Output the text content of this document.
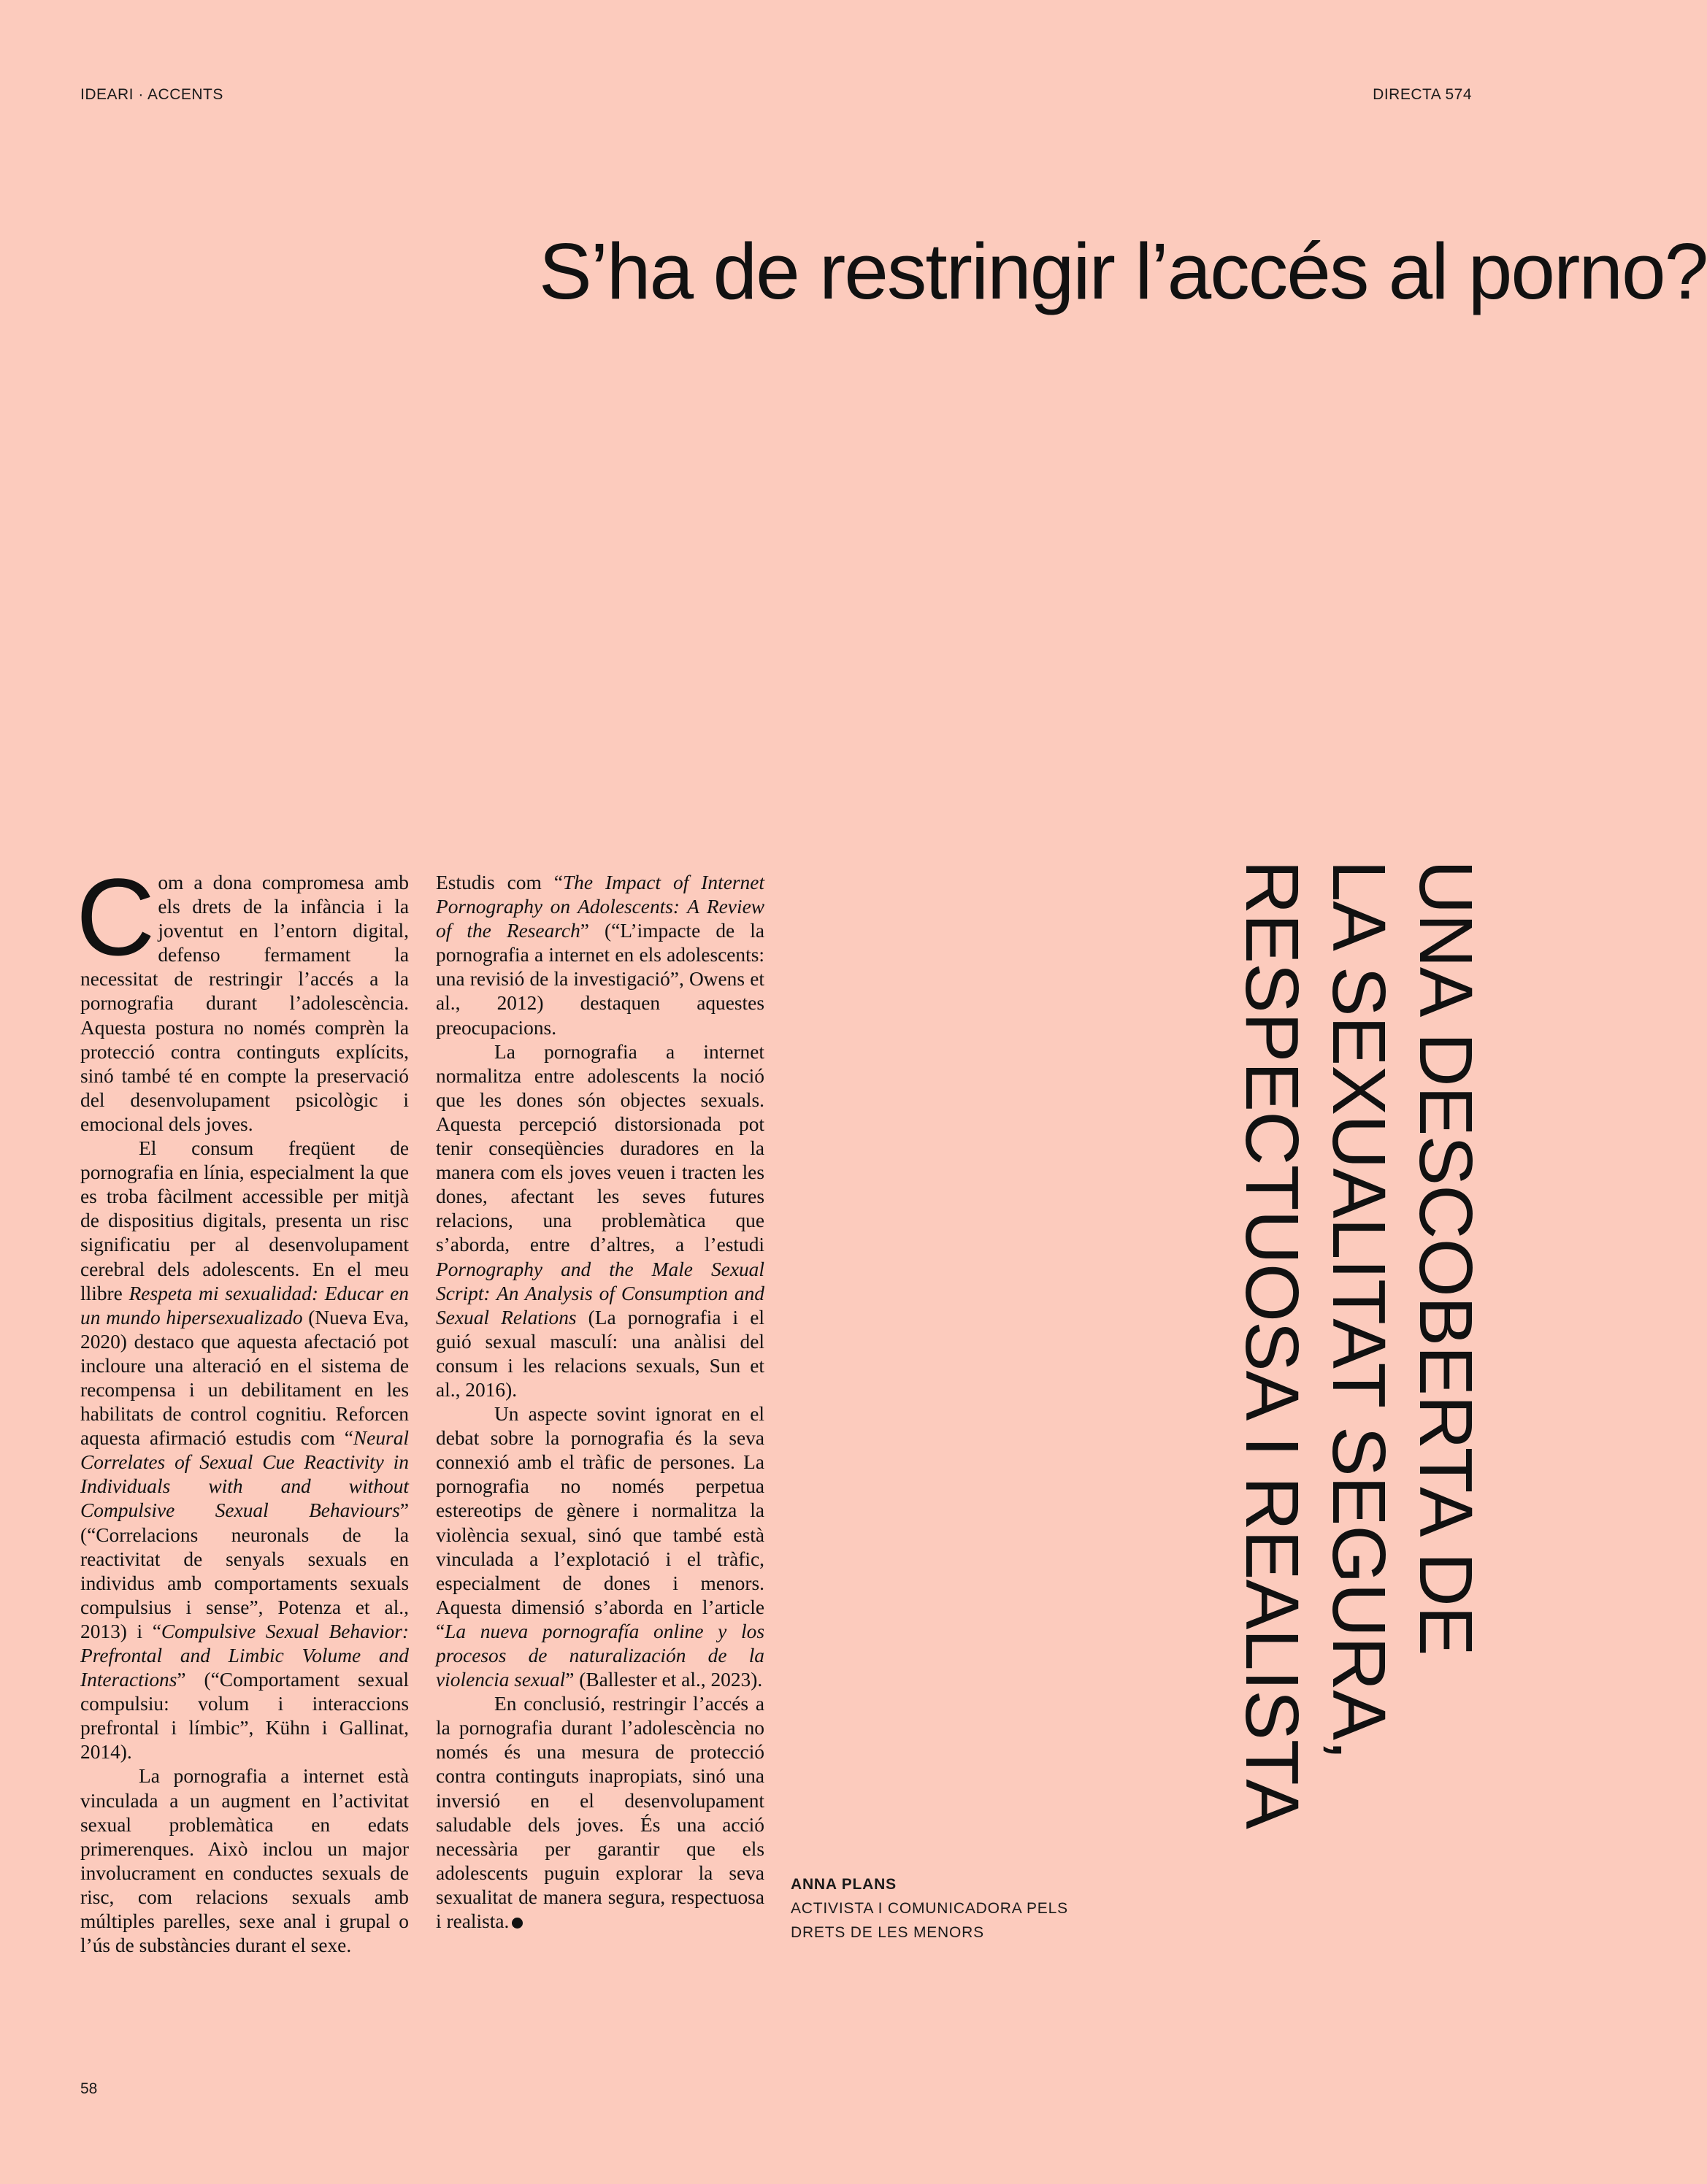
IDEARI · ACCENTS	DIRECTA 574
S’ha de restringir l’accés al porno?

Com a dona compromesa amb els drets de la infància i la joventut en l’entorn digital, defenso fermament la necessitat de restringir l’accés a la pornografia durant l’adolescència. Aquesta postura no només comprèn la protecció contra continguts explícits, sinó també té en compte la preservació del desenvolupament psicològic i emocional dels joves.

El consum freqüent de pornografia en línia, especialment la que es troba fàcilment accessible per mitjà de dispositius digitals, presenta un risc significatiu per al desenvolupament cerebral dels adolescents. En el meu llibre Respeta mi sexualidad: Educar en un mundo hipersexualizado (Nueva Eva, 2020) destaco que aquesta afectació pot incloure una alteració en el sistema de recompensa i un debilitament en les habilitats de control cognitiu. Reforcen aquesta afirmació estudis com “Neural Correlates of Sexual Cue Reactivity in Individuals with and without Compulsive Sexual Behaviours” (“Correlacions neuronals de la reactivitat de senyals sexuals en individus amb comportaments sexuals compulsius i sense”, Potenza et al., 2013) i “Compulsive Sexual Behavior: Prefrontal and Limbic Volume and Interactions” (“Comportament sexual compulsiu: volum i interaccions prefrontal i límbic”, Kühn i Gallinat, 2014).

La pornografia a internet està vinculada a un augment en l’activitat sexual problemàtica en edats primerenques. Això inclou un major involucrament en conductes sexuals de risc, com relacions sexuals amb múltiples parelles, sexe anal i grupal o l’ús de substàncies durant el sexe.

Estudis com “The Impact of Internet Pornography on Adolescents: A Review of the Research” (“L’impacte de la pornografia a internet en els adolescents: una revisió de la investigació”, Owens et al., 2012) destaquen aquestes preocupacions.

La pornografia a internet normalitza entre adolescents la noció que les dones són objectes sexuals. Aquesta percepció distorsionada pot tenir conseqüències duradores en la manera com els joves veuen i tracten les dones, afectant les seves futures relacions, una problemàtica que s’aborda, entre d’altres, a l’estudi Pornography and the Male Sexual Script: An Analysis of Consumption and Sexual Relations (La pornografia i el guió sexual masculí: una anàlisi del consum i les relacions sexuals, Sun et al., 2016).

Un aspecte sovint ignorat en el debat sobre la pornografia és la seva connexió amb el tràfic de persones. La pornografia no només perpetua estereotips de gènere i normalitza la violència sexual, sinó que també està vinculada a l’explotació i el tràfic, especialment de dones i menors. Aquesta dimensió s’aborda en l’article “La nueva pornografía online y los procesos de naturalización de la violencia sexual” (Ballester et al., 2023).

En conclusió, restringir l’accés a la pornografia durant l’adolescència no només és una mesura de protecció contra continguts inapropiats, sinó una inversió en el desenvolupament saludable dels joves. És una acció necessària per garantir que els adolescents puguin explorar la seva sexualitat de manera segura, respectuosa i realista.

ANNA PLANS
ACTIVISTA I COMUNICADORA PELS DRETS DE LES MENORS
UNA DESCOBERTA DE
LA SEXUALITAT SEGURA,
RESPECTUOSA I REALISTA
58
